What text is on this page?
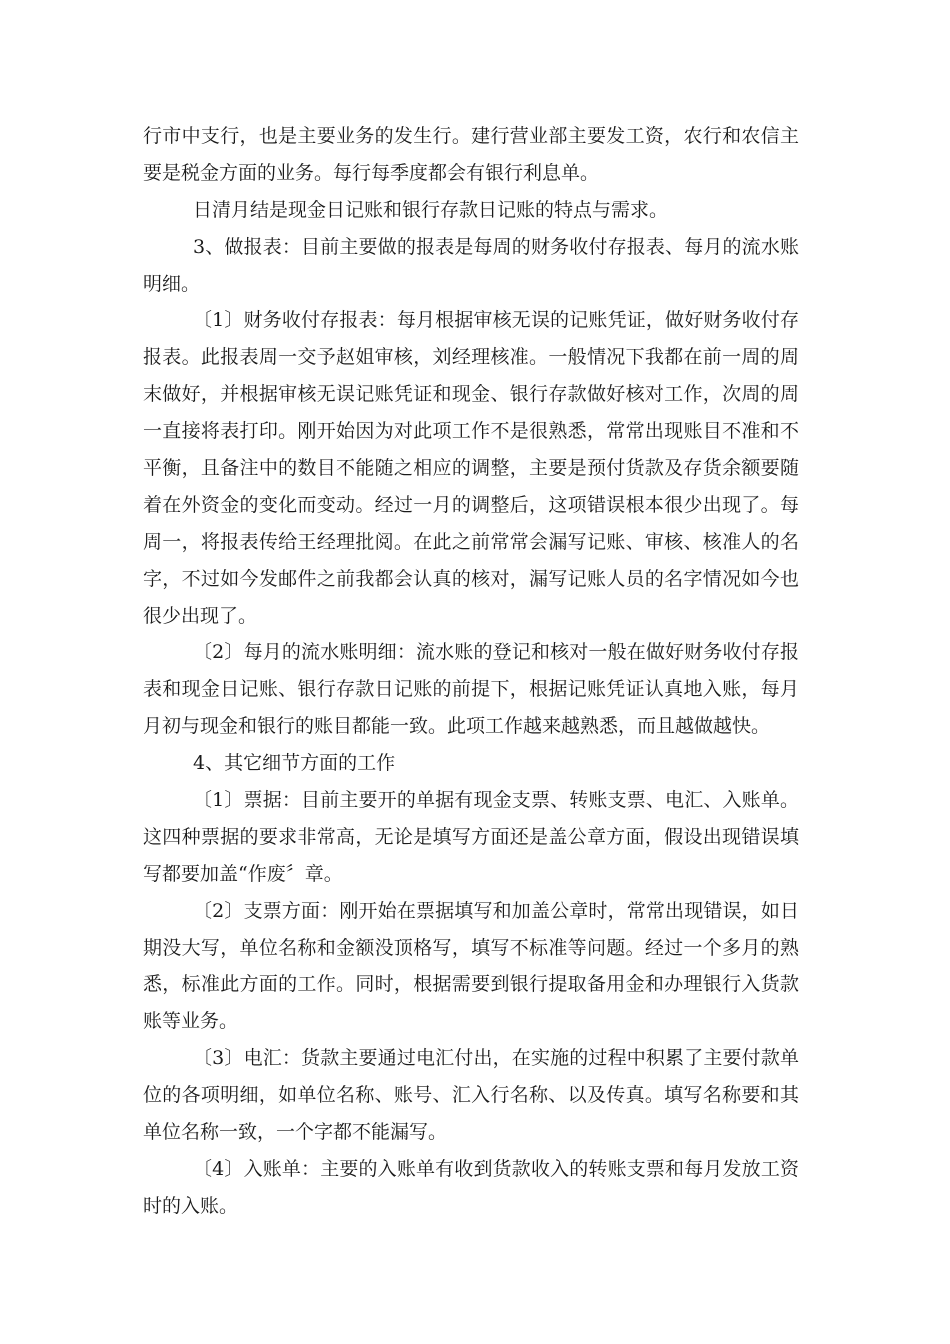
行市中支行，也是主要业务的发生行。建行营业部主要发工资，农行和农信主
要是税金方面的业务。每行每季度都会有银行利息单。
日清月结是现金日记账和银行存款日记账的特点与需求。
3、做报表：目前主要做的报表是每周的财务收付存报表、每月的流水账
明细。
〔1〕财务收付存报表：每月根据审核无误的记账凭证，做好财务收付存
报表。此报表周一交予赵姐审核，刘经理核准。一般情况下我都在前一周的周
末做好，并根据审核无误记账凭证和现金、银行存款做好核对工作，次周的周
一直接将表打印。刚开始因为对此项工作不是很熟悉，常常出现账目不准和不
平衡，且备注中的数目不能随之相应的调整，主要是预付货款及存货余额要随
着在外资金的变化而变动。经过一月的调整后，这项错误根本很少出现了。每
周一，将报表传给王经理批阅。在此之前常常会漏写记账、审核、核准人的名
字，不过如今发邮件之前我都会认真的核对，漏写记账人员的名字情况如今也
很少出现了。
〔2〕每月的流水账明细：流水账的登记和核对一般在做好财务收付存报
表和现金日记账、银行存款日记账的前提下，根据记账凭证认真地入账，每月
月初与现金和银行的账目都能一致。此项工作越来越熟悉，而且越做越快。
4、其它细节方面的工作
〔1〕票据：目前主要开的单据有现金支票、转账支票、电汇、入账单。
这四种票据的要求非常高，无论是填写方面还是盖公章方面，假设出现错误填
写都要加盖“作废〞章。
〔2〕支票方面：刚开始在票据填写和加盖公章时，常常出现错误，如日
期没大写，单位名称和金额没顶格写，填写不标准等问题。经过一个多月的熟
悉，标准此方面的工作。同时，根据需要到银行提取备用金和办理银行入货款
账等业务。
〔3〕电汇：货款主要通过电汇付出，在实施的过程中积累了主要付款单
位的各项明细，如单位名称、账号、汇入行名称、以及传真。填写名称要和其
单位名称一致，一个字都不能漏写。
〔4〕入账单：主要的入账单有收到货款收入的转账支票和每月发放工资
时的入账。
